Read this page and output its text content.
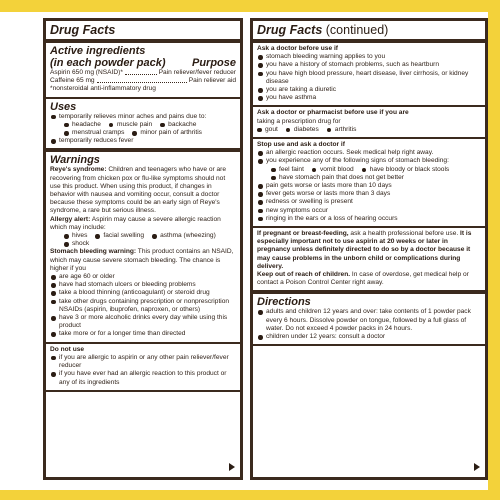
Drug Facts
Active ingredients
(in each powder pack) Purpose
Aspirin 650 mg (NSAID)*	Pain reliever/fever reducer
Caffeine 65 mg	Pain reliever aid
*nonsteroidal anti-inflammatory drug
Uses
temporarily relieves minor aches and pains due to:
headache	muscle pain	backache
menstrual cramps	minor pain of arthritis
temporarily reduces fever
Warnings

Reye's syndrome: Children and teenagers who have or are recovering from chicken pox or flu-like symptoms should not use this product. When using this product, if changes in behavior with nausea and vomiting occur, consult a doctor because these symptoms could be an early sign of Reye's syndrome, a rare but serious illness.

Allergy alert: Aspirin may cause a severe allergic reaction which may include:

hives	facial swelling	asthma (wheezing)
shock

Stomach bleeding warning: This product contains an NSAID, which may cause severe stomach bleeding. The chance is higher if you

are age 60 or older
have had stomach ulcers or bleeding problems
take a blood thinning (anticoagulant) or steroid drug
take other drugs containing prescription or nonprescription NSAIDs (aspirin, ibuprofen, naproxen, or others)
have 3 or more alcoholic drinks every day while using this product
take more or for a longer time than directed
Do not use
if you are allergic to aspirin or any other pain reliever/fever reducer
if you have ever had an allergic reaction to this product or any of its ingredients
Drug Facts (continued)
Ask a doctor before use if
stomach bleeding warning applies to you
you have a history of stomach problems, such as heartburn
you have high blood pressure, heart disease, liver cirrhosis, or kidney disease
you are taking a diuretic
you have asthma
Ask a doctor or pharmacist before use if you are
taking a prescription drug for
gout	diabetes	arthritis
Stop use and ask a doctor if
an allergic reaction occurs. Seek medical help right away.
you experience any of the following signs of stomach bleeding:
feel faint	vomit blood	have bloody or black stools
have stomach pain that does not get better
pain gets worse or lasts more than 10 days
fever gets worse or lasts more than 3 days
redness or swelling is present
new symptoms occur
ringing in the ears or a loss of hearing occurs

If pregnant or breast-feeding, ask a health professional before use. It is especially important not to use aspirin at 20 weeks or later in pregnancy unless definitely directed to do so by a doctor because it may cause problems in the unborn child or complications during delivery.

Keep out of reach of children. In case of overdose, get medical help or contact a Poison Control Center right away.

Directions
adults and children 12 years and over: take contents of 1 powder pack every 6 hours. Dissolve powder on tongue, followed by a full glass of water. Do not exceed 4 powder packs in 24 hours.
children under 12 years: consult a doctor
